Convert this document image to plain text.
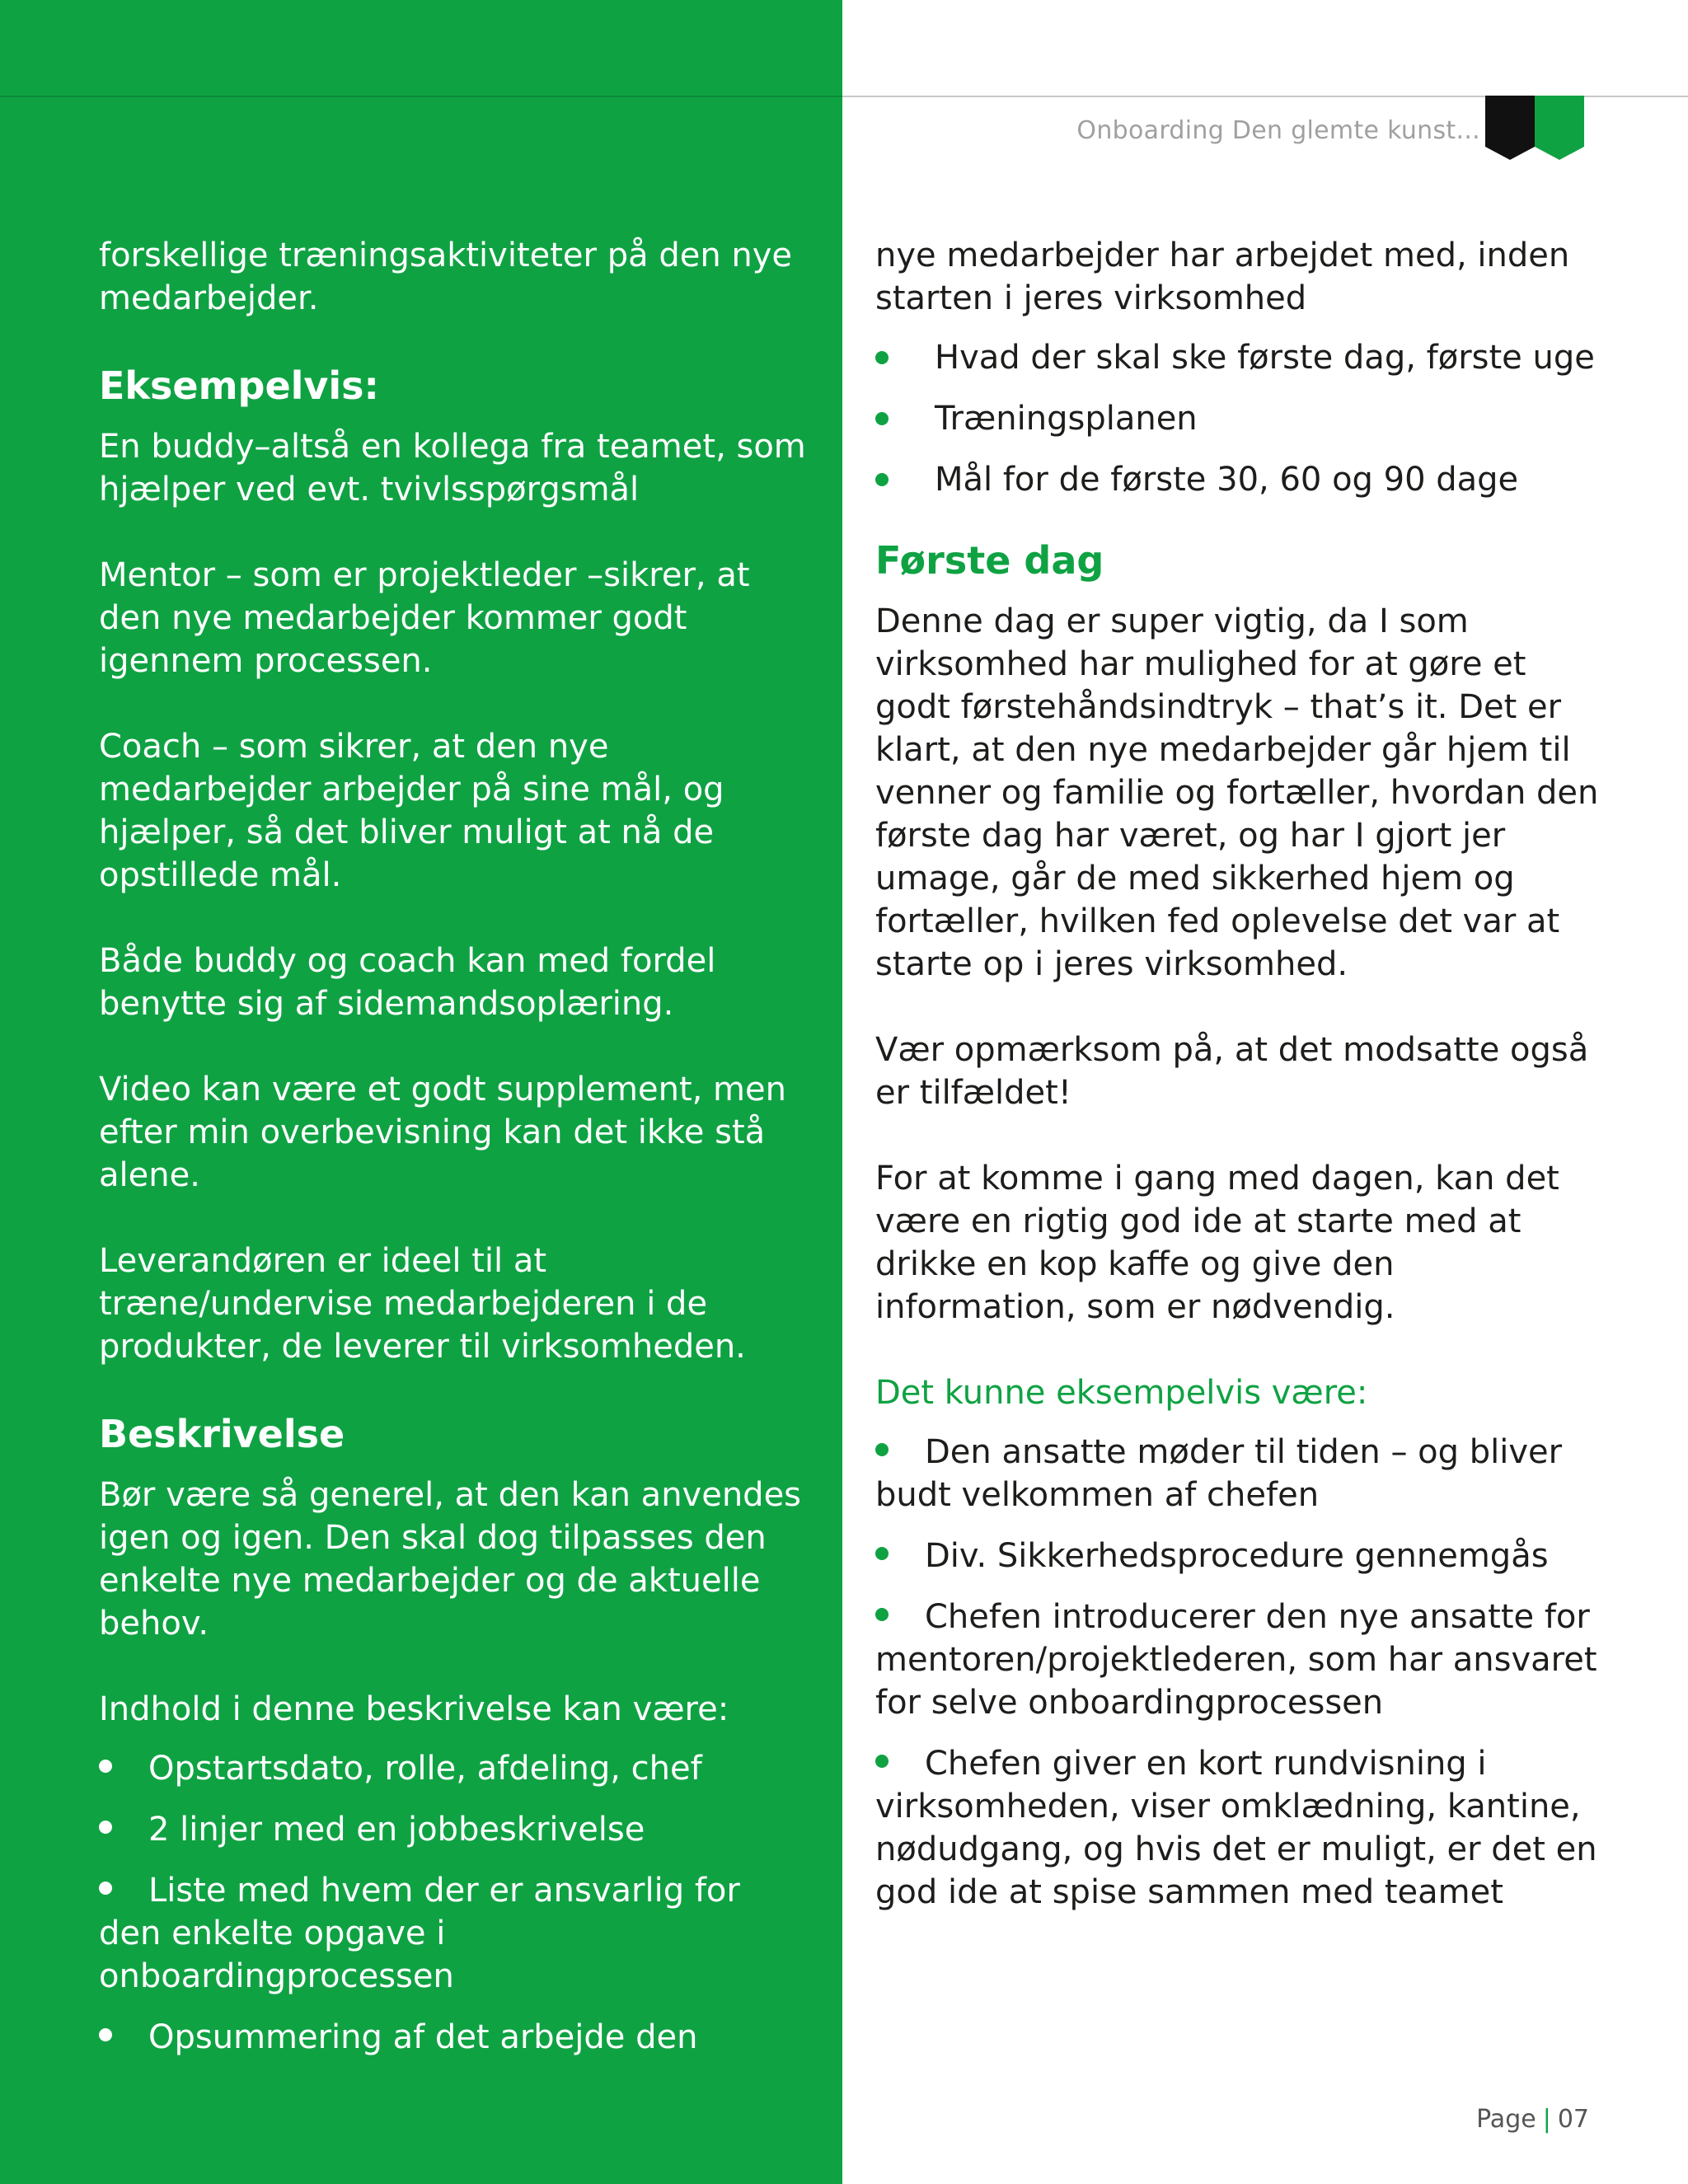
Onboarding Den glemte kunst...

forskellige træningsaktiviteter på den nye medarbejder.

Eksempelvis:

En buddy–altså en kollega fra teamet, som hjælper ved evt. tvivlsspørgsmål

Mentor – som er projektleder –sikrer, at den nye medarbejder kommer godt igennem processen.

Coach – som sikrer, at den nye medarbejder arbejder på sine mål, og hjælper, så det bliver muligt at nå de opstillede mål.

Både buddy og coach kan med fordel benytte sig af sidemandsoplæring.

Video kan være et godt supplement, men efter min overbevisning kan det ikke stå alene.

Leverandøren er ideel til at træne/undervise medarbejderen i de produkter, de leverer til virksomheden.

Beskrivelse

Bør være så generel, at den kan anvendes igen og igen. Den skal dog tilpasses den enkelte nye medarbejder og de aktuelle behov.

Indhold i denne beskrivelse kan være:

Opstartsdato, rolle, afdeling, chef
2 linjer med en jobbeskrivelse
Liste med hvem der er ansvarlig for den enkelte opgave i onboardingprocessen
Opsummering af det arbejde den

nye medarbejder har arbejdet med, inden starten i jeres virksomhed

Hvad der skal ske første dag, første uge
Træningsplanen
Mål for de første 30, 60 og 90 dage
Første dag

Denne dag er super vigtig, da I som virksomhed har mulighed for at gøre et godt førstehåndsindtryk – that’s it. Det er klart, at den nye medarbejder går hjem til venner og familie og fortæller, hvordan den første dag har været, og har I gjort jer umage, går de med sikkerhed hjem og fortæller, hvilken fed oplevelse det var at starte op i jeres virksomhed.

Vær opmærksom på, at det modsatte også er tilfældet!

For at komme i gang med dagen, kan det være en rigtig god ide at starte med at drikke en kop kaffe og give den information, som er nødvendig.

Det kunne eksempelvis være:

Den ansatte møder til tiden – og bliver budt velkommen af chefen
Div. Sikkerhedsprocedure gennemgås
Chefen introducerer den nye ansatte for mentoren/projektlederen, som har ansvaret for selve onboardingprocessen
Chefen giver en kort rundvisning i virksomheden, viser omklædning, kantine, nødudgang, og hvis det er muligt, er det en god ide at spise sammen med teamet
Page | 07
